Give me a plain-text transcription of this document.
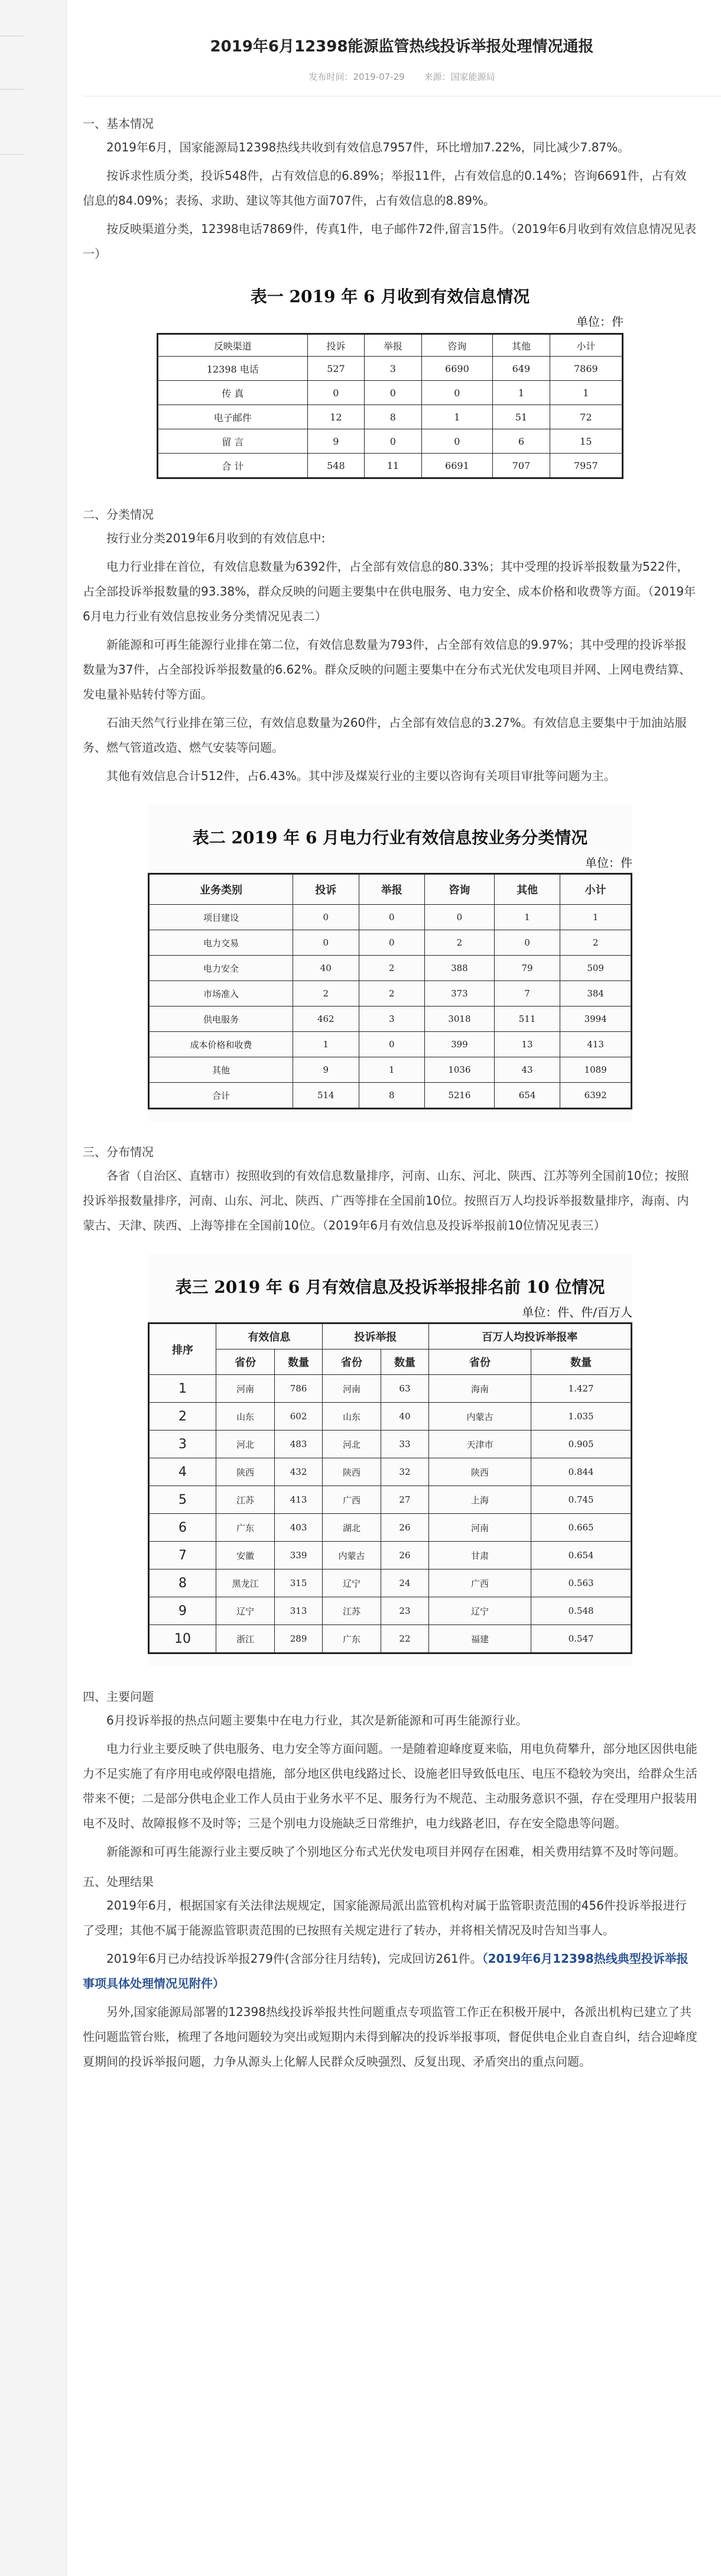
2019年6月12398能源监管热线投诉举报处理情况通报
发布时间：2019-07-29 来源：国家能源局
一、基本情况

2019年6月，国家能源局12398热线共收到有效信息7957件，环比增加7.22%，同比减少7.87%。

按诉求性质分类，投诉548件，占有效信息的6.89%；举报11件，占有效信息的0.14%；咨询6691件，占有效信息的84.09%；表扬、求助、建议等其他方面707件，占有效信息的8.89%。

按反映渠道分类，12398电话7869件，传真1件，电子邮件72件,留言15件。（2019年6月收到有效信息情况见表一）

表一 2019 年 6 月收到有效信息情况
单位：件
反映渠道	投诉	举报	咨询	其他	小计
12398 电话	527	3	6690	649	7869
传 真	0	0	0	1	1
电子邮件	12	8	1	51	72
留 言	9	0	0	6	15
合 计	548	11	6691	707	7957
二、分类情况

按行业分类2019年6月收到的有效信息中:

电力行业排在首位，有效信息数量为6392件，占全部有效信息的80.33%；其中受理的投诉举报数量为522件，占全部投诉举报数量的93.38%，群众反映的问题主要集中在供电服务、电力安全、成本价格和收费等方面。（2019年6月电力行业有效信息按业务分类情况见表二）

新能源和可再生能源行业排在第二位，有效信息数量为793件，占全部有效信息的9.97%；其中受理的投诉举报数量为37件，占全部投诉举报数量的6.62%。群众反映的问题主要集中在分布式光伏发电项目并网、上网电费结算、发电量补贴转付等方面。

石油天然气行业排在第三位，有效信息数量为260件，占全部有效信息的3.27%。有效信息主要集中于加油站服务、燃气管道改造、燃气安装等问题。

其他有效信息合计512件，占6.43%。其中涉及煤炭行业的主要以咨询有关项目审批等问题为主。

表二 2019 年 6 月电力行业有效信息按业务分类情况
单位：件
业务类别	投诉	举报	咨询	其他	小计
项目建设	0	0	0	1	1
电力交易	0	0	2	0	2
电力安全	40	2	388	79	509
市场准入	2	2	373	7	384
供电服务	462	3	3018	511	3994
成本价格和收费	1	0	399	13	413
其他	9	1	1036	43	1089
合计	514	8	5216	654	6392
三、分布情况

各省（自治区、直辖市）按照收到的有效信息数量排序，河南、山东、河北、陕西、江苏等列全国前10位；按照投诉举报数量排序，河南、山东、河北、陕西、广西等排在全国前10位。按照百万人均投诉举报数量排序，海南、内蒙古、天津、陕西、上海等排在全国前10位。（2019年6月有效信息及投诉举报前10位情况见表三）

表三 2019 年 6 月有效信息及投诉举报排名前 10 位情况
单位：件、件/百万人
排序	有效信息		投诉举报		百万人均投诉举报率	
	省份	数量	省份	数量	省份	数量
1	河南	786	河南	63	海南	1.427
2	山东	602	山东	40	内蒙古	1.035
3	河北	483	河北	33	天津市	0.905
4	陕西	432	陕西	32	陕西	0.844
5	江苏	413	广西	27	上海	0.745
6	广东	403	湖北	26	河南	0.665
7	安徽	339	内蒙古	26	甘肃	0.654
8	黑龙江	315	辽宁	24	广西	0.563
9	辽宁	313	江苏	23	辽宁	0.548
10	浙江	289	广东	22	福建	0.547
四、主要问题

6月投诉举报的热点问题主要集中在电力行业，其次是新能源和可再生能源行业。

电力行业主要反映了供电服务、电力安全等方面问题。一是随着迎峰度夏来临，用电负荷攀升，部分地区因供电能力不足实施了有序用电或停限电措施，部分地区供电线路过长、设施老旧导致低电压、电压不稳较为突出，给群众生活带来不便；二是部分供电企业工作人员由于业务水平不足、服务行为不规范、主动服务意识不强，存在受理用户报装用电不及时、故障报修不及时等；三是个别电力设施缺乏日常维护，电力线路老旧，存在安全隐患等问题。

新能源和可再生能源行业主要反映了个别地区分布式光伏发电项目并网存在困难，相关费用结算不及时等问题。

五、处理结果

2019年6月，根据国家有关法律法规规定，国家能源局派出监管机构对属于监管职责范围的456件投诉举报进行了受理；其他不属于能源监管职责范围的已按照有关规定进行了转办，并将相关情况及时告知当事人。

2019年6月已办结投诉举报279件(含部分往月结转)，完成回访261件。（2019年6月12398热线典型投诉举报事项具体处理情况见附件）

另外,国家能源局部署的12398热线投诉举报共性问题重点专项监管工作正在积极开展中，各派出机构已建立了共性问题监管台账，梳理了各地问题较为突出或短期内未得到解决的投诉举报事项，督促供电企业自查自纠，结合迎峰度夏期间的投诉举报问题，力争从源头上化解人民群众反映强烈、反复出现、矛盾突出的重点问题。
